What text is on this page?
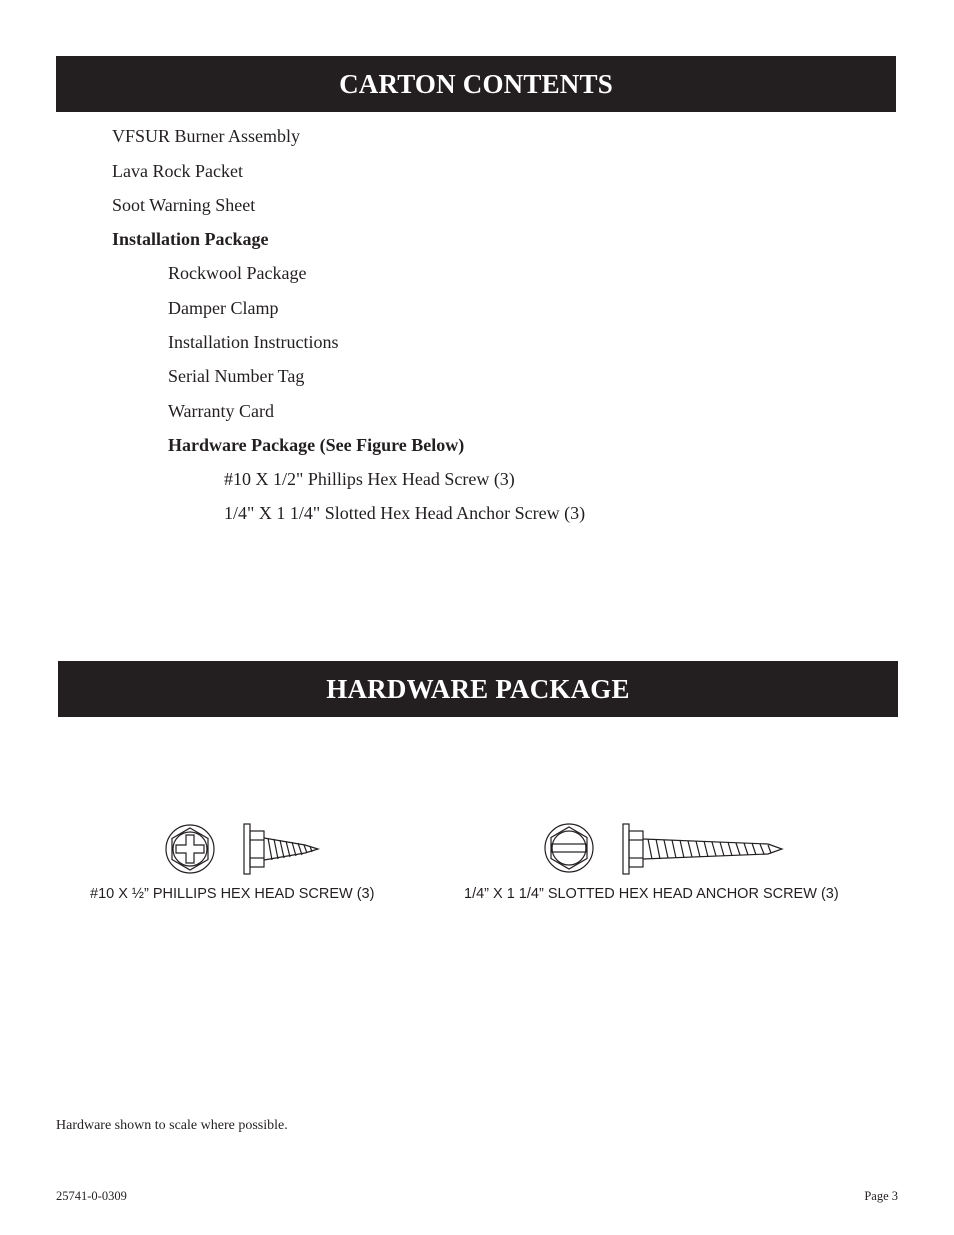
CARTON CONTENTS
VFSUR Burner Assembly
Lava Rock Packet
Soot Warning Sheet
Installation Package
Rockwool Package
Damper Clamp
Installation Instructions
Serial Number Tag
Warranty Card
Hardware Package (See Figure Below)
#10 X 1/2" Phillips Hex Head Screw (3)
1/4" X 1 1/4" Slotted Hex Head Anchor Screw (3)
HARDWARE PACKAGE
#10 X ½” PHILLIPS HEX HEAD SCREW (3)	1/4” X 1 1/4” SLOTTED HEX HEAD ANCHOR SCREW (3)
Hardware shown to scale where possible.
25741-0-0309	Page 3
